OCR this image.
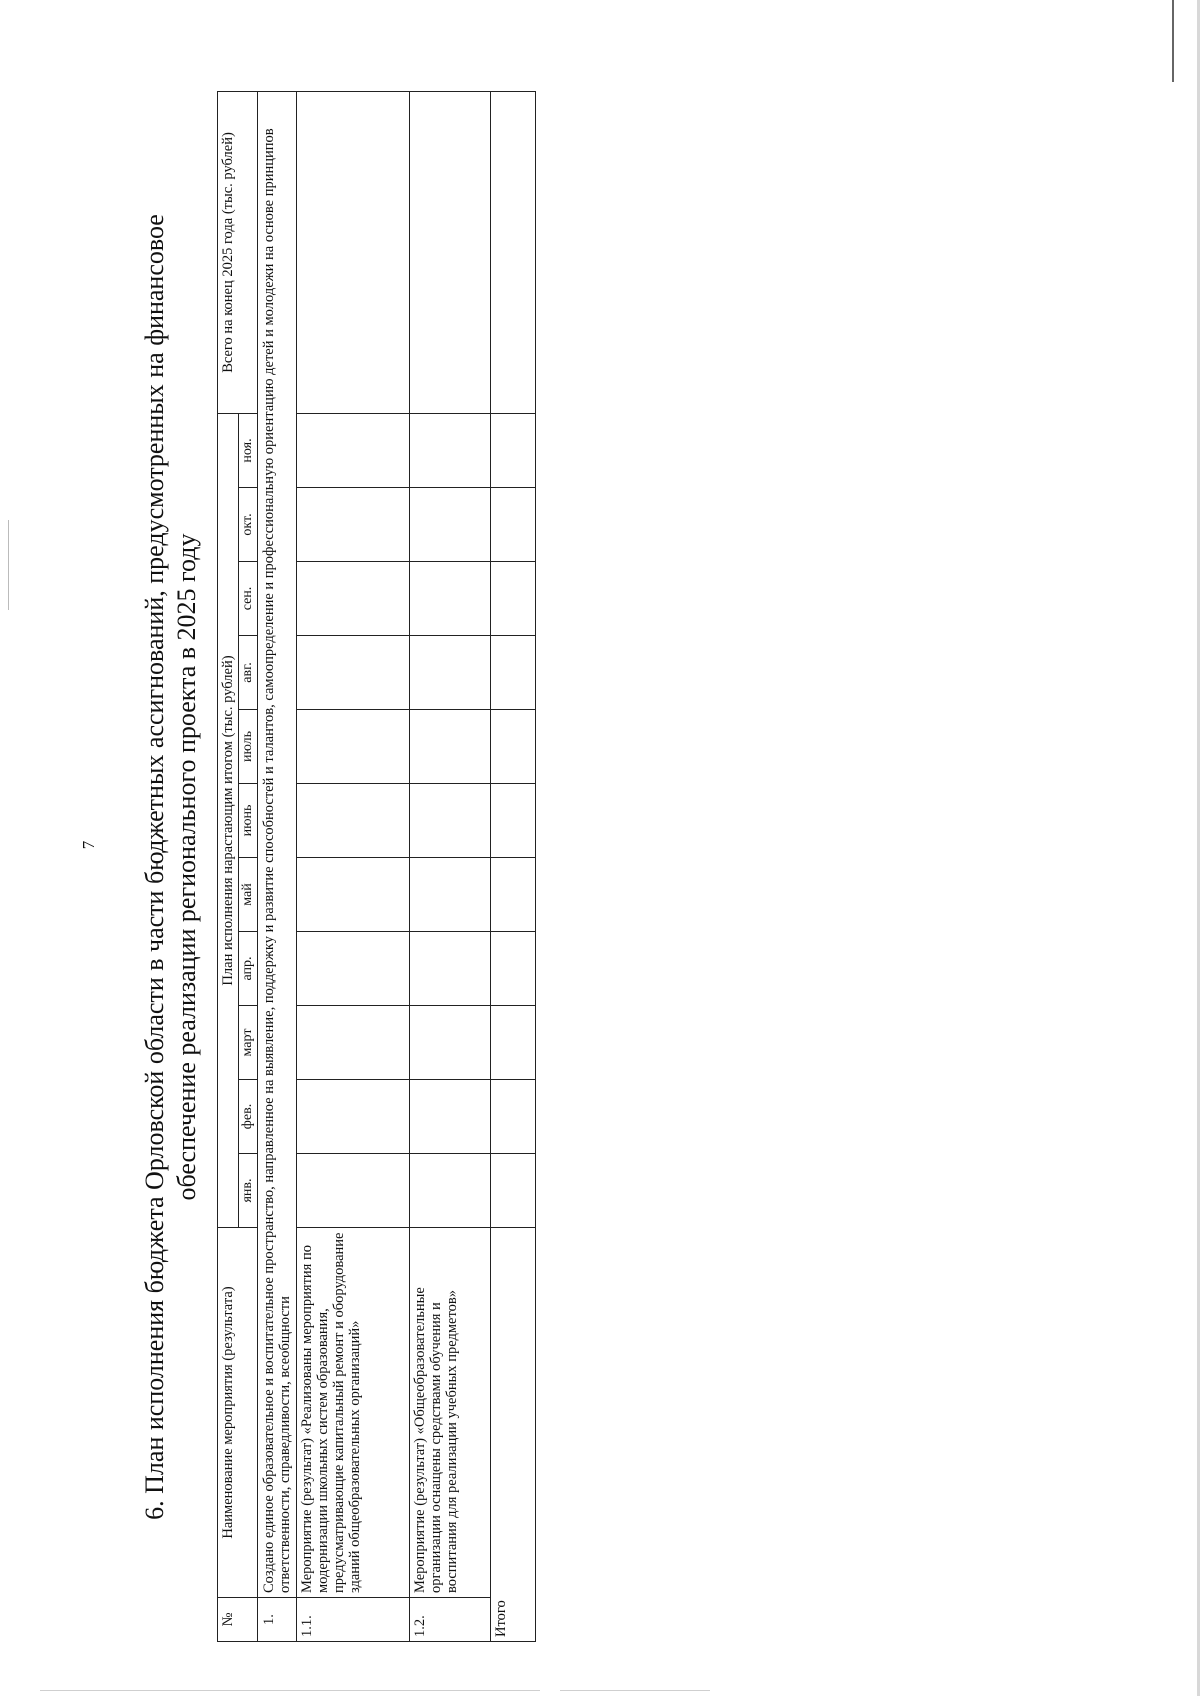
7 6. План исполнения бюджета Орловской области в части бюджетных ассигнований, предусмотренных на финансовое обеспечение реализации регионального проекта в 2025 году
№	Наименование мероприятия (результата)	План исполнения нарастающим итогом (тыс. рублей)											Всего на конец 2025 года (тыс. рублей)
		янв.	фев.	март	апр.	май	июнь	июль	авг.	сен.	окт.	ноя.	
1.	Создано единое образовательное и воспитательное пространство, направленное на выявление, поддержку и развитие способностей и талантов, самоопределение и профессиональную ориентацию детей и молодежи на основе принципов ответственности, справедливости, всеобщности												
1.1.	Мероприятие (результат) «Реализованы мероприятия по модернизации школьных систем образования, предусматривающие капитальный ремонт и оборудование зданий общеобразовательных организаций»												
1.2.	Мероприятие (результат) «Общеобразовательные организации оснащены средствами обучения и воспитания для реализации учебных предметов»												
Итого													
